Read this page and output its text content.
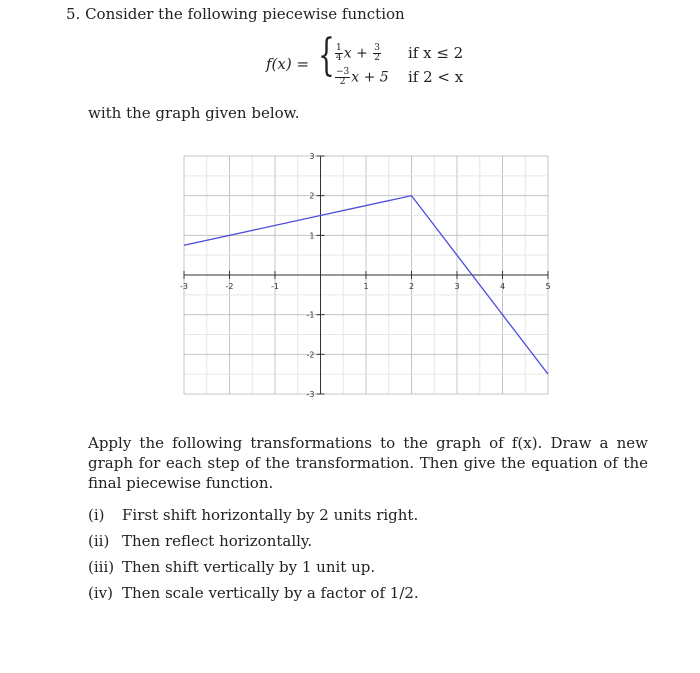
5. Consider the following piecewise function
f(x) = { $\frac{1}{4}$ $x + \frac{3}{2}$ if x ≤ 2
$\frac{-3}{2}$ x + 5 if 2 < x
with the graph given below.
-3	-2	-1	1	2	3	4	5
3
2
1
-1
-2
-3
Apply the following transformations to the graph of f(x). Draw a new graph for each step of the transformation. Then give the equation of the final piecewise function.
(i) First shift horizontally by 2 units right.
(ii) Then reflect horizontally.
(iii) Then shift vertically by 1 unit up.
(iv) Then scale vertically by a factor of 1/2.
